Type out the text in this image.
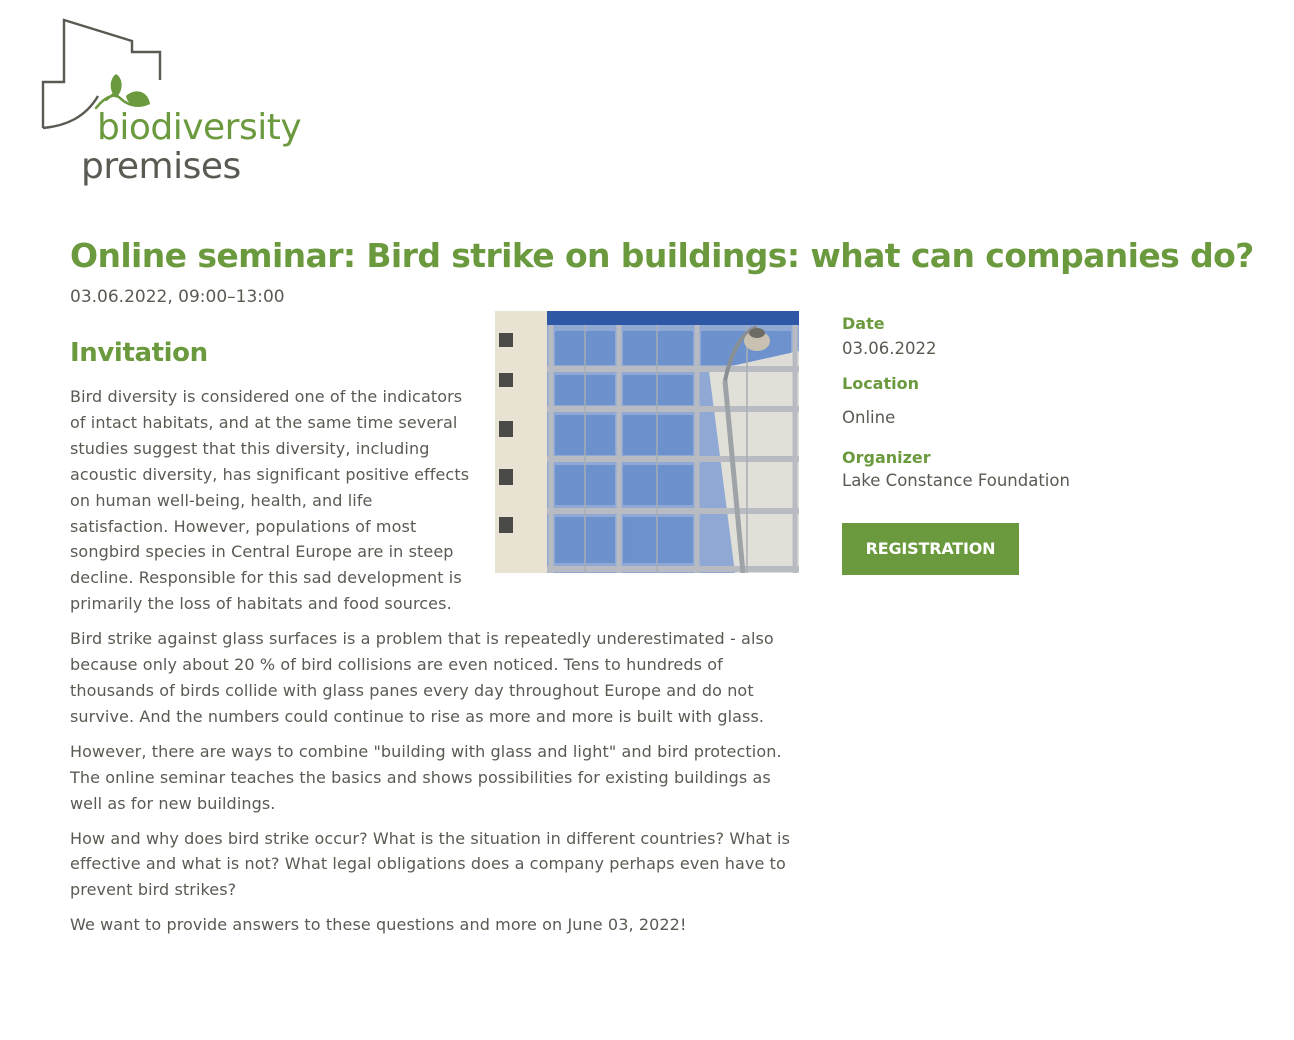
biodiversity
premises
Online seminar: Bird strike on buildings: what can companies do?
03.06.2022, 09:00–13:00
Invitation

Bird diversity is considered one of the indicators of intact habitats, and at the same time several studies suggest that this diversity, including acoustic diversity, has significant positive effects on human well-being, health, and life satisfaction. However, populations of most songbird species in Central Europe are in steep decline. Responsible for this sad development is primarily the loss of habitats and food sources.

Bird strike against glass surfaces is a problem that is repeatedly underestimated - also because only about 20 % of bird collisions are even noticed. Tens to hundreds of thousands of birds collide with glass panes every day throughout Europe and do not survive. And the numbers could continue to rise as more and more is built with glass.

However, there are ways to combine "building with glass and light" and bird protection. The online seminar teaches the basics and shows possibilities for existing buildings as well as for new buildings.

How and why does bird strike occur? What is the situation in different countries? What is effective and what is not? What legal obligations does a company perhaps even have to prevent bird strikes?

We want to provide answers to these questions and more on June 03, 2022!

Date
03.06.2022
Location
Online
Organizer
Lake Constance Foundation
REGISTRATION
